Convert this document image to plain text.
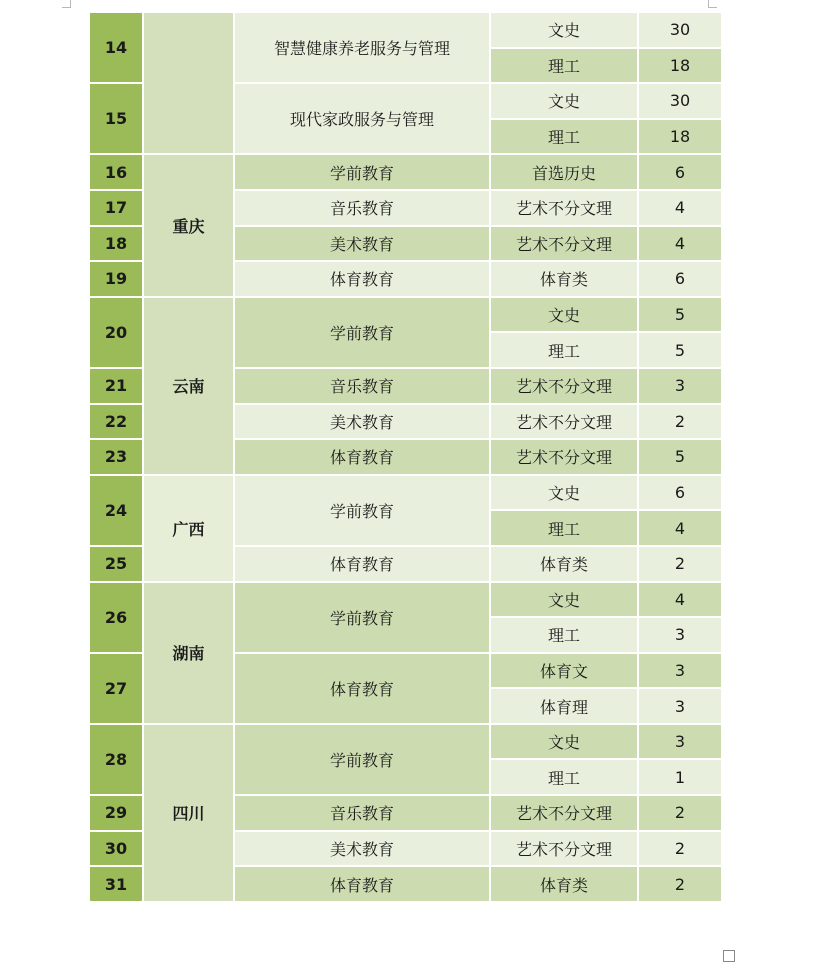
14		智慧健康养老服务与管理	文史	30
			理工	18
15		现代家政服务与管理	文史	30
			理工	18
16	重庆	学前教育	首选历史	6
17		音乐教育	艺术不分文理	4
18		美术教育	艺术不分文理	4
19		体育教育	体育类	6
20	云南	学前教育	文史	5
			理工	5
21		音乐教育	艺术不分文理	3
22		美术教育	艺术不分文理	2
23		体育教育	艺术不分文理	5
24	广西	学前教育	文史	6
			理工	4
25		体育教育	体育类	2
26	湖南	学前教育	文史	4
			理工	3
27		体育教育	体育文	3
			体育理	3
28	四川	学前教育	文史	3
			理工	1
29		音乐教育	艺术不分文理	2
30		美术教育	艺术不分文理	2
31		体育教育	体育类	2
